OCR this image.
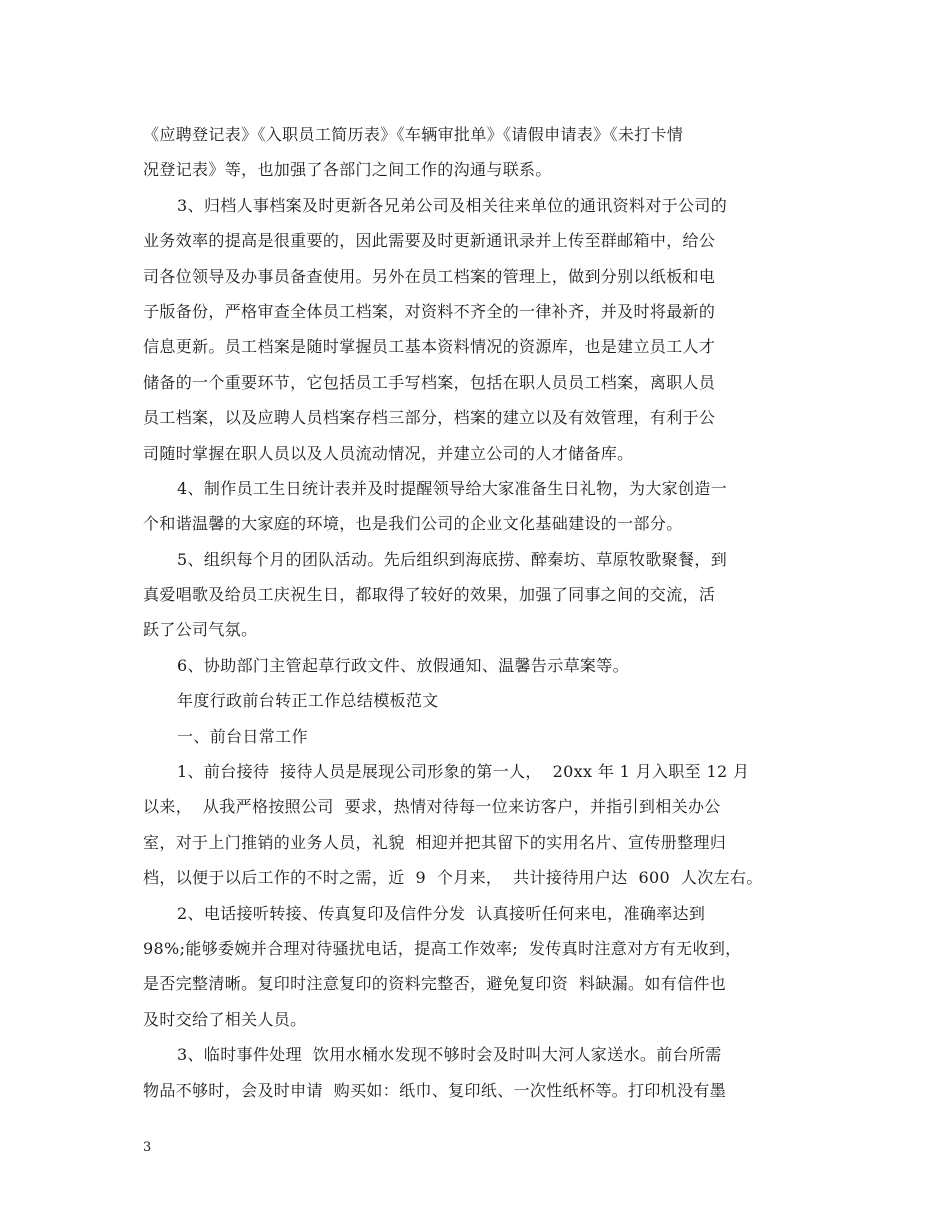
《应聘登记表》《入职员工简历表》《车辆审批单》《请假申请表》《未打卡情
况登记表》等，也加强了各部门之间工作的沟通与联系。
3、归档人事档案及时更新各兄弟公司及相关往来单位的通讯资料对于公司的
业务效率的提高是很重要的，因此需要及时更新通讯录并上传至群邮箱中，给公
司各位领导及办事员备查使用。另外在员工档案的管理上，做到分别以纸板和电
子版备份，严格审查全体员工档案，对资料不齐全的一律补齐，并及时将最新的
信息更新。员工档案是随时掌握员工基本资料情况的资源库，也是建立员工人才
储备的一个重要环节，它包括员工手写档案，包括在职人员员工档案，离职人员
员工档案，以及应聘人员档案存档三部分，档案的建立以及有效管理，有利于公
司随时掌握在职人员以及人员流动情况，并建立公司的人才储备库。
4、制作员工生日统计表并及时提醒领导给大家准备生日礼物，为大家创造一
个和谐温馨的大家庭的环境，也是我们公司的企业文化基础建设的一部分。
5、组织每个月的团队活动。先后组织到海底捞、醉秦坊、草原牧歌聚餐，到
真爱唱歌及给员工庆祝生日，都取得了较好的效果，加强了同事之间的交流，活
跃了公司气氛。
6、协助部门主管起草行政文件、放假通知、温馨告示草案等。
年度行政前台转正工作总结模板范文
一、前台日常工作
1、前台接待  接待人员是展现公司形象的第一人，  20xx 年 1 月入职至 12 月
以来，  从我严格按照公司  要求，热情对待每一位来访客户，并指引到相关办公
室，对于上门推销的业务人员，礼貌  相迎并把其留下的实用名片、宣传册整理归
档，以便于以后工作的不时之需，近  9  个月来，  共计接待用户达  600  人次左右。
2、电话接听转接、传真复印及信件分发  认真接听任何来电，准确率达到
98%;能够委婉并合理对待骚扰电话，提高工作效率;  发传真时注意对方有无收到，
是否完整清晰。复印时注意复印的资料完整否，避免复印资  料缺漏。如有信件也
及时交给了相关人员。
3、临时事件处理  饮用水桶水发现不够时会及时叫大河人家送水。前台所需
物品不够时，会及时申请  购买如：纸巾、复印纸、一次性纸杯等。打印机没有墨
3
